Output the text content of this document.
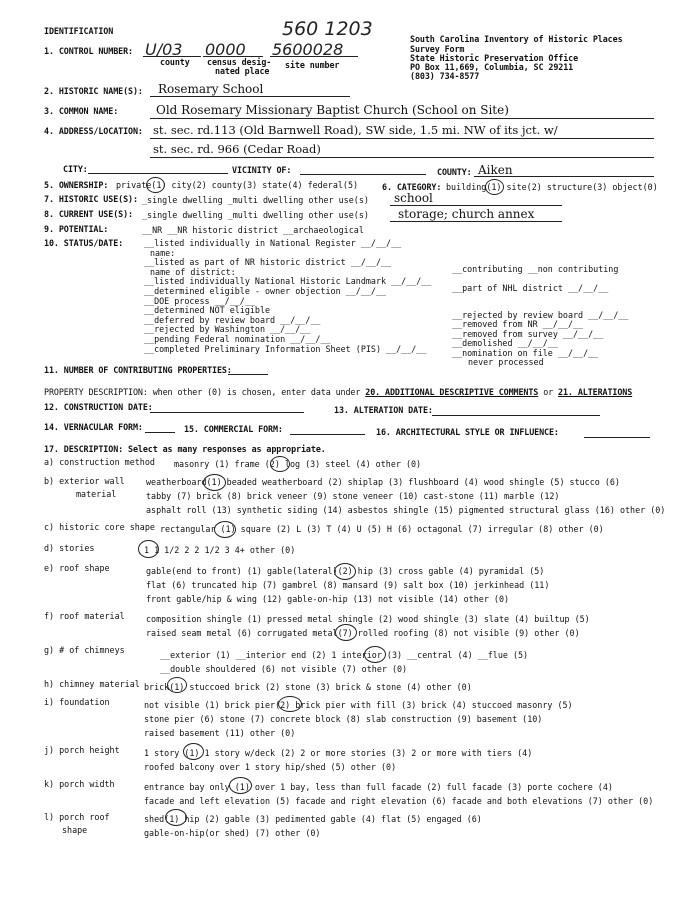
IDENTIFICATION	560 1203	South Carolina Inventory of Historic Places
Survey Form
State Historic Preservation Office
PO Box 11,669, Columbia, SC 29211
(803) 734-8577
1. CONTROL NUMBER: U/03 0000 5600028
county census desig-
nated place
site number
2. HISTORIC NAME(S): Rosemary School
3. COMMON NAME:	Old Rosemary Missionary Baptist Church (School on Site)
4. ADDRESS/LOCATION: st. sec. rd.113 (Old Barnwell Road), SW side, 1.5 mi. NW of its jct. w/
st. sec. rd. 966 (Cedar Road)
CITY:	VICINITY OF:	COUNTY: Aiken
5. OWNERSHIP: private(1) city(2) county(3) state(4) federal(5)	6. CATEGORY: building(1) site(2) structure(3) object(0)
7. HISTORIC USE(S): _single dwelling _multi dwelling other use(s) school
8. CURRENT USE(S): _single dwelling _multi dwelling other use(s) storage; church annex
9. POTENTIAL:	__NR __NR historic district __archaeological
10. STATUS/DATE: __listed individually in National Register __/__/__
name:
__listed as part of NR historic district __/__/__
name of district:
__listed individually National Historic Landmark __/__/__
__determined eligible - owner objection __/__/__
__DOE process __/__/__
__determined NOT eligible
__deferred by review board __/__/__
__rejected by Washington __/__/__
__pending Federal nomination __/__/__
__completed Preliminary Information Sheet (PIS) __/__/__
__contributing __non contributing
__part of NHL district __/__/__
__rejected by review board __/__/__
__removed from NR __/__/__
__removed from survey __/__/__
__demolished __/__/__
__nomination on file __/__/__
never processed
11. NUMBER OF CONTRIBUTING PROPERTIES:
PROPERTY DESCRIPTION: when other (0) is chosen, enter data under 20. ADDITIONAL DESCRIPTIVE COMMENTS or 21. ALTERATIONS
12. CONSTRUCTION DATE:	13. ALTERATION DATE:
14. VERNACULAR FORM:	15. COMMERCIAL FORM:	16. ARCHITECTURAL STYLE OR INFLUENCE:
17. DESCRIPTION: Select as many responses as appropriate.
a) construction method masonry (1) frame (2) log (3) steel (4) other (0)
b) exterior wall
material
weatherboard(1) beaded weatherboard (2) shiplap (3) flushboard (4) wood shingle (5) stucco (6)
tabby (7) brick (8) brick veneer (9) stone veneer (10) cast-stone (11) marble (12)
asphalt roll (13) synthetic siding (14) asbestos shingle (15) pigmented structural glass (16) other (0)
c) historic core shape rectangular (1) square (2) L (3) T (4) U (5) H (6) octagonal (7) irregular (8) other (0)
d) stories	1 1 1/2 2 2 1/2 3 4+ other (0)
e) roof shape	gable(end to front) (1) gable(lateral)(2) hip (3) cross gable (4) pyramidal (5)
flat (6) truncated hip (7) gambrel (8) mansard (9) salt box (10) jerkinhead (11)
front gable/hip & wing (12) gable-on-hip (13) not visible (14) other (0)
f) roof material	composition shingle (1) pressed metal shingle (2) wood shingle (3) slate (4) builtup (5)
raised seam metal (6) corrugated metal(7) rolled roofing (8) not visible (9) other (0)
g) # of chimneys	__exterior (1) __interior end (2) 1 interior (3) __central (4) __flue (5)
__double shouldered (6) not visible (7) other (0)
h) chimney material brick(1) stuccoed brick (2) stone (3) brick & stone (4) other (0)
i) foundation	not visible (1) brick pier(2) brick pier with fill (3) brick (4) stuccoed masonry (5)
stone pier (6) stone (7) concrete block (8) slab construction (9) basement (10)
raised basement (11) other (0)
j) porch height	1 story (1) 1 story w/deck (2) 2 or more stories (3) 2 or more with tiers (4)
roofed balcony over 1 story hip/shed (5) other (0)
k) porch width	entrance bay only (1) over 1 bay, less than full facade (2) full facade (3) porte cochere (4)
facade and left elevation (5) facade and right elevation (6) facade and both elevations (7) other (0)
l) porch roof
shape
shed(1) hip (2) gable (3) pedimented gable (4) flat (5) engaged (6)
gable-on-hip(or shed) (7) other (0)
